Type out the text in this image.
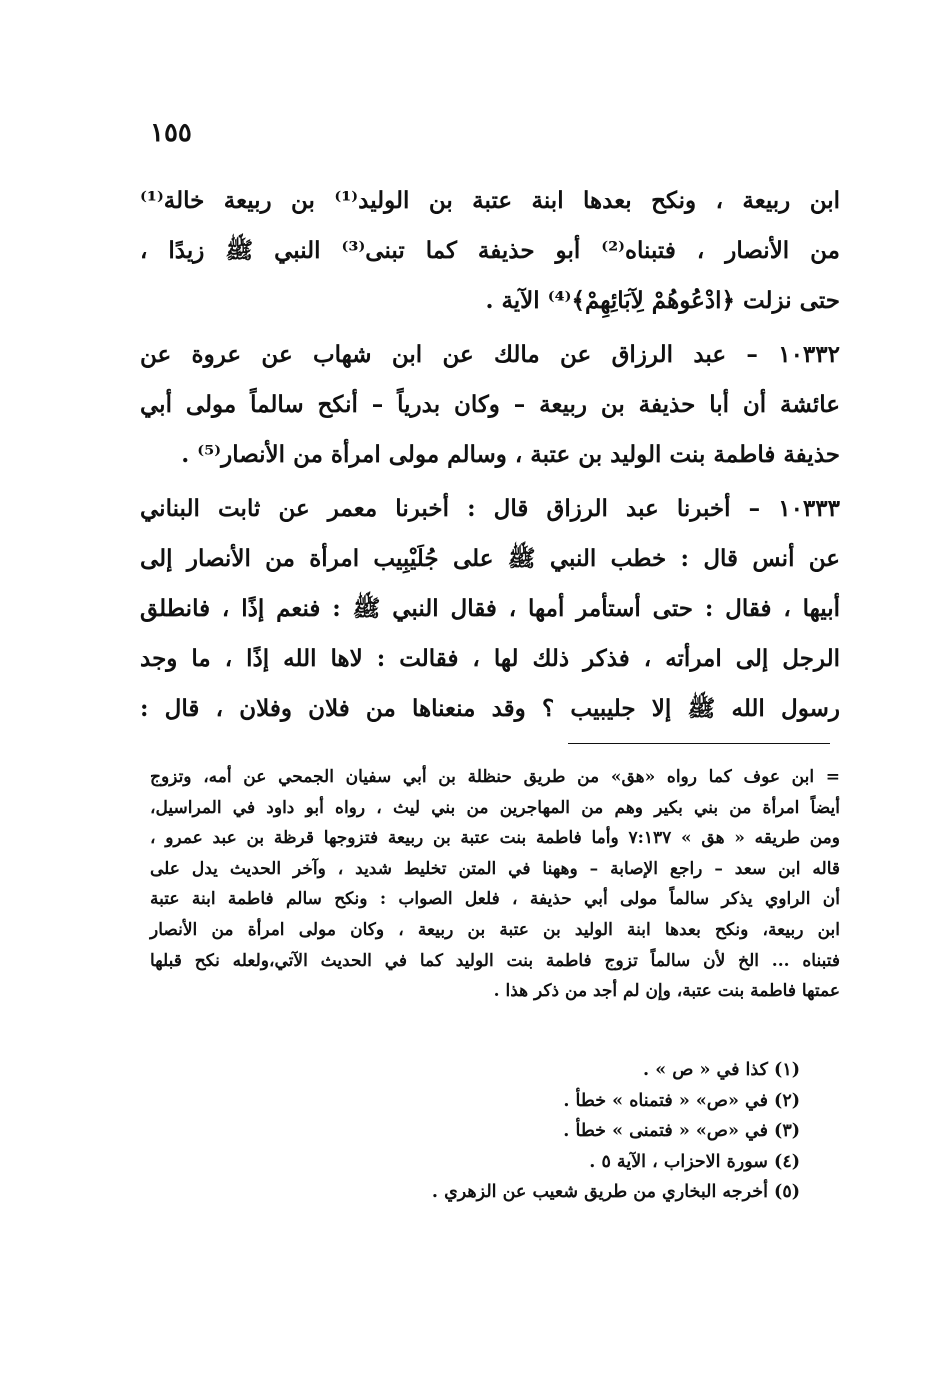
١٥٥
ابن ربيعة ، ونكح بعدها ابنة عتبة بن الوليد⁽¹⁾ بن ربيعة خالة⁽¹⁾
من الأنصار ، فتبناه⁽²⁾ أبو حذيفة كما تبنى⁽³⁾ النبي ﷺ زيدًا ،
حتى نزلت ﴿ادْعُوهُمْ لِآبَائِهِمْ﴾⁽⁴⁾ الآية .
١٠٣٣٢ – عبد الرزاق عن مالك عن ابن شهاب عن عروة عن
عائشة أن أبا حذيفة بن ربيعة – وكان بدرياً – أنكح سالماً مولى أبي
حذيفة فاطمة بنت الوليد بن عتبة ، وسالم مولى امرأة من الأنصار⁽⁵⁾ .
١٠٣٣٣ – أخبرنا عبد الرزاق قال : أخبرنا معمر عن ثابت البناني
عن أنس قال : خطب النبي ﷺ على جُلَيْبِيب امرأة من الأنصار إلى
أبيها ، فقال : حتى أستأمر أمها ، فقال النبي ﷺ : فنعم إذًا ، فانطلق
الرجل إلى امرأته ، فذكر ذلك لها ، فقالت : لاها الله إذًا ، ما وجد
رسول الله ﷺ إلا جليبيب ؟ وقد منعناها من فلان وفلان ، قال :
= ابن عوف كما رواه «هق» من طريق حنظلة بن أبي سفيان الجمحي عن أمه، وتزوج
أيضاً امرأة من بني بكير وهم من المهاجرين من بني ليث ، رواه أبو داود في المراسيل،
ومن طريقه « هق » ٧:١٣٧ وأما فاطمة بنت عتبة بن ربيعة فتزوجها قرظة بن عبد عمرو ،
قاله ابن سعد – راجع الإصابة – وههنا في المتن تخليط شديد ، وآخر الحديث يدل على
أن الراوي يذكر سالماً مولى أبي حذيفة ، فلعل الصواب : ونكح سالم فاطمة ابنة عتبة
ابن ربيعة، ونكح بعدها ابنة الوليد بن عتبة بن ربيعة ، وكان مولى امرأة من الأنصار
فتبناه ... الخ لأن سالماً تزوج فاطمة بنت الوليد كما في الحديث الآتي،ولعله نكح قبلها
عمتها فاطمة بنت عتبة، وإن لم أجد من ذكر هذا .
(١) كذا في « ص » .
(٢) في «ص» « فتمناه » خطأ .
(٣) في «ص» « فتمنى » خطأ .
(٤) سورة الاحزاب ، الآية ٥ .
(٥) أخرجه البخاري من طريق شعيب عن الزهري .
